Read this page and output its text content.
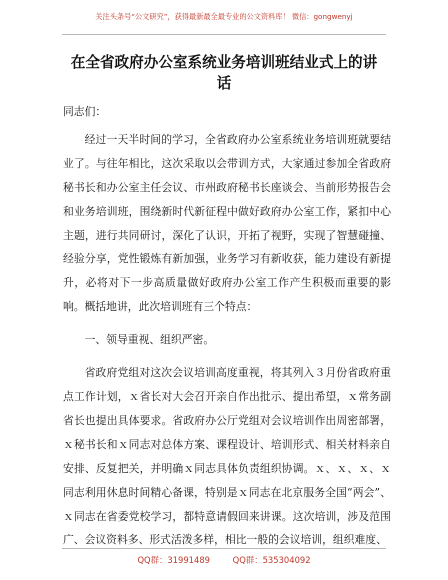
关注头条号“公文研究”，获得最新最全最专业的公文资料库！ 微信：gongwenyj
在全省政府办公室系统业务培训班结业式上的讲话
同志们：

经过一天半时间的学习，全省政府办公室系统业务培训班就要结业了。与往年相比，这次采取以会带训方式，大家通过参加全省政府秘书长和办公室主任会议、市州政府秘书长座谈会、当前形势报告会和业务培训班，围绕新时代新征程中做好政府办公室工作，紧扣中心主题，进行共同研讨，深化了认识，开拓了视野，实现了智慧碰撞、经验分享，党性锻炼有新加强，业务学习有新收获，能力建设有新提升，必将对下一步高质量做好政府办公室工作产生积极而重要的影响。概括地讲，此次培训班有三个特点：

一、领导重视、组织严密。

省政府党组对这次会议培训高度重视，将其列入３月份省政府重点工作计划，ｘ省长对大会召开亲自作出批示、提出希望，ｘ常务副省长也提出具体要求。省政府办公厅党组对会议培训作出周密部署，ｘ秘书长和ｘ同志对总体方案、课程设计、培训形式、相关材料亲自安排、反复把关，并明确ｘ同志具体负责组织协调。ｘ、ｘ、ｘ、ｘ同志利用休息时间精心备课，特别是ｘ同志在北京服务全国“两会”、ｘ同志在省委党校学习，都特意请假回来讲课。这次培训，涉及范围广、会议资料多、形式活泼多样，相比一般的会议培训，组织难度、

QQ群：31991489	QQ群：535304092
